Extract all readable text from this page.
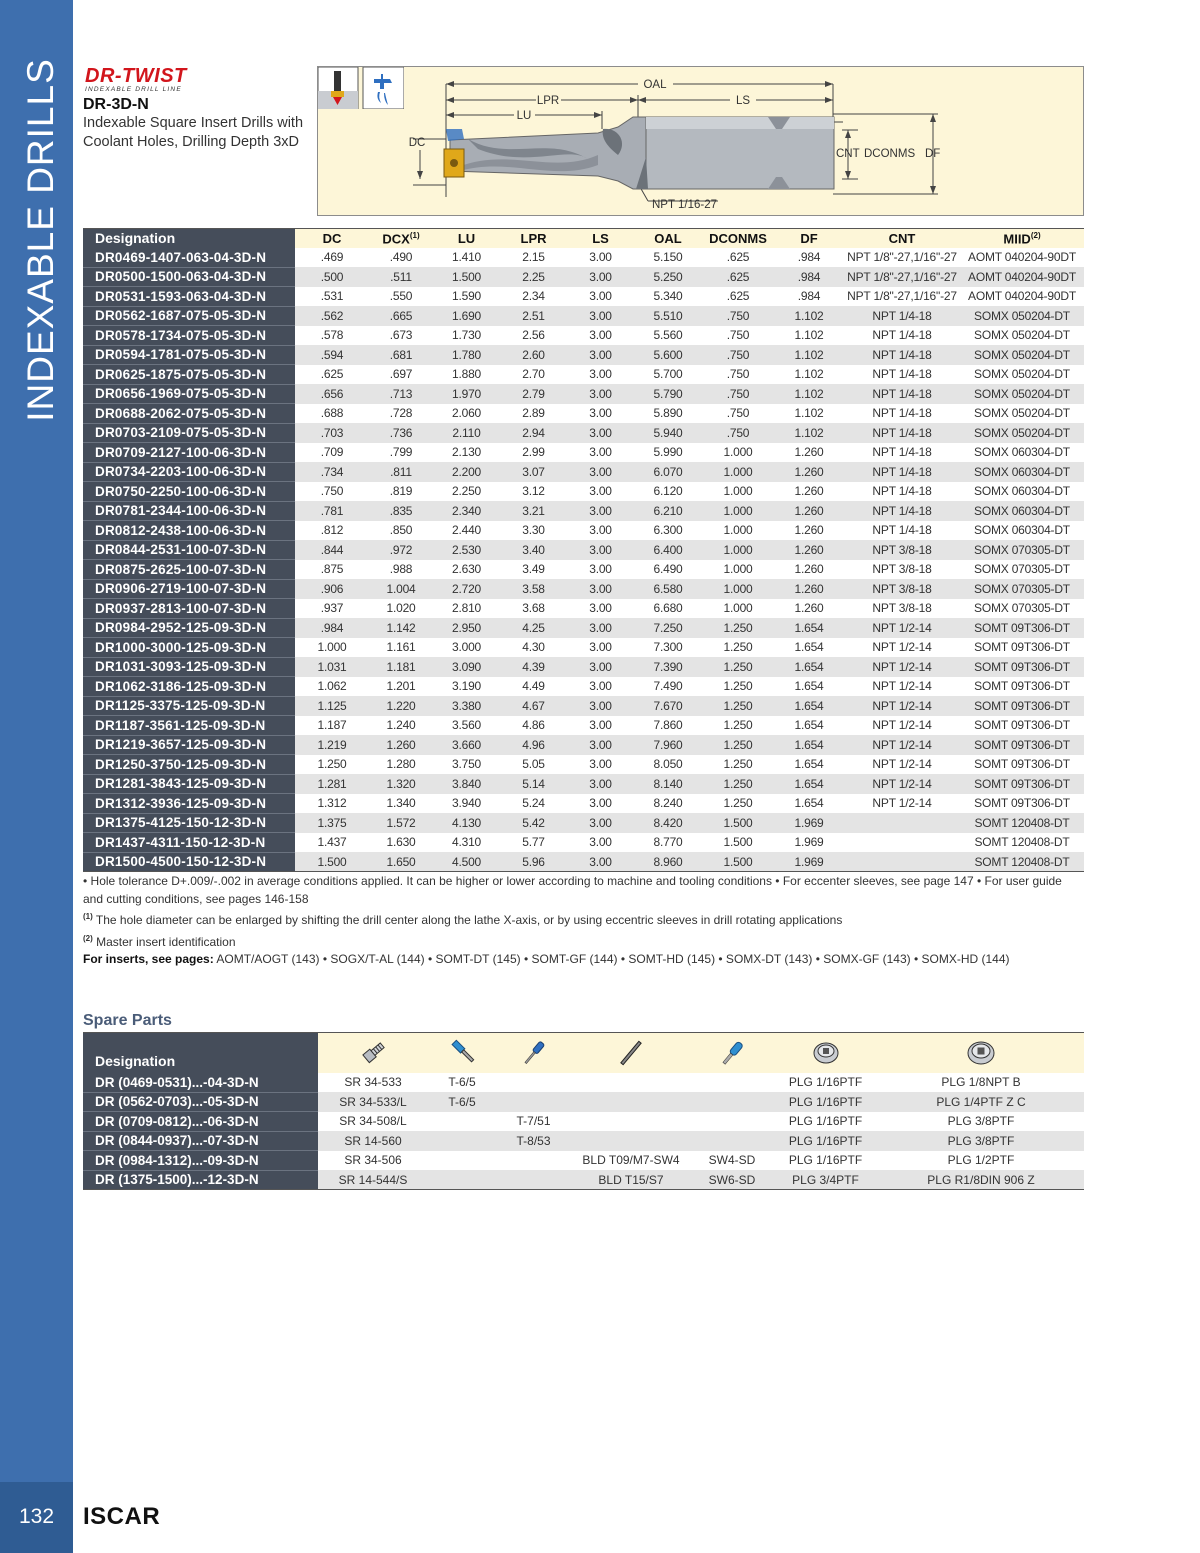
INDEXABLE DRILLS
132	ISCAR
DR-TWIST
INDEXABLE DRILL LINE
DR-3D-N
Indexable Square Insert Drills with Coolant Holes, Drilling Depth 3xD
OAL
LPR	LS
LU
DC
CNT DCONMS DF
NPT 1/16-27
Designation	DC	DCX$^{(1)}$	LU	LPR	LS	OAL	DCONMS	DF	CNT	MIID$^{(2)}$
DR0469-1407-063-04-3D-N	.469	.490	1.410	2.15	3.00	5.150	.625	.984	NPT 1/8"-27,1/16"-27	AOMT 040204-90DT
DR0500-1500-063-04-3D-N	.500	.511	1.500	2.25	3.00	5.250	.625	.984	NPT 1/8"-27,1/16"-27	AOMT 040204-90DT
DR0531-1593-063-04-3D-N	.531	.550	1.590	2.34	3.00	5.340	.625	.984	NPT 1/8"-27,1/16"-27	AOMT 040204-90DT
DR0562-1687-075-05-3D-N	.562	.665	1.690	2.51	3.00	5.510	.750	1.102	NPT 1/4-18	SOMX 050204-DT
DR0578-1734-075-05-3D-N	.578	.673	1.730	2.56	3.00	5.560	.750	1.102	NPT 1/4-18	SOMX 050204-DT
DR0594-1781-075-05-3D-N	.594	.681	1.780	2.60	3.00	5.600	.750	1.102	NPT 1/4-18	SOMX 050204-DT
DR0625-1875-075-05-3D-N	.625	.697	1.880	2.70	3.00	5.700	.750	1.102	NPT 1/4-18	SOMX 050204-DT
DR0656-1969-075-05-3D-N	.656	.713	1.970	2.79	3.00	5.790	.750	1.102	NPT 1/4-18	SOMX 050204-DT
DR0688-2062-075-05-3D-N	.688	.728	2.060	2.89	3.00	5.890	.750	1.102	NPT 1/4-18	SOMX 050204-DT
DR0703-2109-075-05-3D-N	.703	.736	2.110	2.94	3.00	5.940	.750	1.102	NPT 1/4-18	SOMX 050204-DT
DR0709-2127-100-06-3D-N	.709	.799	2.130	2.99	3.00	5.990	1.000	1.260	NPT 1/4-18	SOMX 060304-DT
DR0734-2203-100-06-3D-N	.734	.811	2.200	3.07	3.00	6.070	1.000	1.260	NPT 1/4-18	SOMX 060304-DT
DR0750-2250-100-06-3D-N	.750	.819	2.250	3.12	3.00	6.120	1.000	1.260	NPT 1/4-18	SOMX 060304-DT
DR0781-2344-100-06-3D-N	.781	.835	2.340	3.21	3.00	6.210	1.000	1.260	NPT 1/4-18	SOMX 060304-DT
DR0812-2438-100-06-3D-N	.812	.850	2.440	3.30	3.00	6.300	1.000	1.260	NPT 1/4-18	SOMX 060304-DT
DR0844-2531-100-07-3D-N	.844	.972	2.530	3.40	3.00	6.400	1.000	1.260	NPT 3/8-18	SOMX 070305-DT
DR0875-2625-100-07-3D-N	.875	.988	2.630	3.49	3.00	6.490	1.000	1.260	NPT 3/8-18	SOMX 070305-DT
DR0906-2719-100-07-3D-N	.906	1.004	2.720	3.58	3.00	6.580	1.000	1.260	NPT 3/8-18	SOMX 070305-DT
DR0937-2813-100-07-3D-N	.937	1.020	2.810	3.68	3.00	6.680	1.000	1.260	NPT 3/8-18	SOMX 070305-DT
DR0984-2952-125-09-3D-N	.984	1.142	2.950	4.25	3.00	7.250	1.250	1.654	NPT 1/2-14	SOMT 09T306-DT
DR1000-3000-125-09-3D-N	1.000	1.161	3.000	4.30	3.00	7.300	1.250	1.654	NPT 1/2-14	SOMT 09T306-DT
DR1031-3093-125-09-3D-N	1.031	1.181	3.090	4.39	3.00	7.390	1.250	1.654	NPT 1/2-14	SOMT 09T306-DT
DR1062-3186-125-09-3D-N	1.062	1.201	3.190	4.49	3.00	7.490	1.250	1.654	NPT 1/2-14	SOMT 09T306-DT
DR1125-3375-125-09-3D-N	1.125	1.220	3.380	4.67	3.00	7.670	1.250	1.654	NPT 1/2-14	SOMT 09T306-DT
DR1187-3561-125-09-3D-N	1.187	1.240	3.560	4.86	3.00	7.860	1.250	1.654	NPT 1/2-14	SOMT 09T306-DT
DR1219-3657-125-09-3D-N	1.219	1.260	3.660	4.96	3.00	7.960	1.250	1.654	NPT 1/2-14	SOMT 09T306-DT
DR1250-3750-125-09-3D-N	1.250	1.280	3.750	5.05	3.00	8.050	1.250	1.654	NPT 1/2-14	SOMT 09T306-DT
DR1281-3843-125-09-3D-N	1.281	1.320	3.840	5.14	3.00	8.140	1.250	1.654	NPT 1/2-14	SOMT 09T306-DT
DR1312-3936-125-09-3D-N	1.312	1.340	3.940	5.24	3.00	8.240	1.250	1.654	NPT 1/2-14	SOMT 09T306-DT
DR1375-4125-150-12-3D-N	1.375	1.572	4.130	5.42	3.00	8.420	1.500	1.969		SOMT 120408-DT
DR1437-4311-150-12-3D-N	1.437	1.630	4.310	5.77	3.00	8.770	1.500	1.969		SOMT 120408-DT
DR1500-4500-150-12-3D-N	1.500	1.650	4.500	5.96	3.00	8.960	1.500	1.969		SOMT 120408-DT
• Hole tolerance D+.009/-.002 in average conditions applied. It can be higher or lower according to machine and tooling conditions • For eccenter sleeves, see page 147 • For user guide and cutting conditions, see pages 146-158
$^{(1)}$ The hole diameter can be enlarged by shifting the drill center along the lathe X-axis, or by using eccentric sleeves in drill rotating applications
$^{(2)}$ Master insert identification
For inserts, see pages: AOMT/AOGT (143) • SOGX/T-AL (144) • SOMT-DT (145) • SOMT-GF (144) • SOMT-HD (145) • SOMX-DT (143) • SOMX-GF (143) • SOMX-HD (144)
Spare Parts
Designation							
DR (0469-0531)...-04-3D-N	SR 34-533	T-6/5				PLG 1/16PTF	PLG 1/8NPT B
DR (0562-0703)...-05-3D-N	SR 34-533/L	T-6/5				PLG 1/16PTF	PLG 1/4PTF Z C
DR (0709-0812)...-06-3D-N	SR 34-508/L		T-7/51			PLG 1/16PTF	PLG 3/8PTF
DR (0844-0937)...-07-3D-N	SR 14-560		T-8/53			PLG 1/16PTF	PLG 3/8PTF
DR (0984-1312)...-09-3D-N	SR 34-506			BLD T09/M7-SW4	SW4-SD	PLG 1/16PTF	PLG 1/2PTF
DR (1375-1500)...-12-3D-N	SR 14-544/S			BLD T15/S7	SW6-SD	PLG 3/4PTF	PLG R1/8DIN 906 Z
